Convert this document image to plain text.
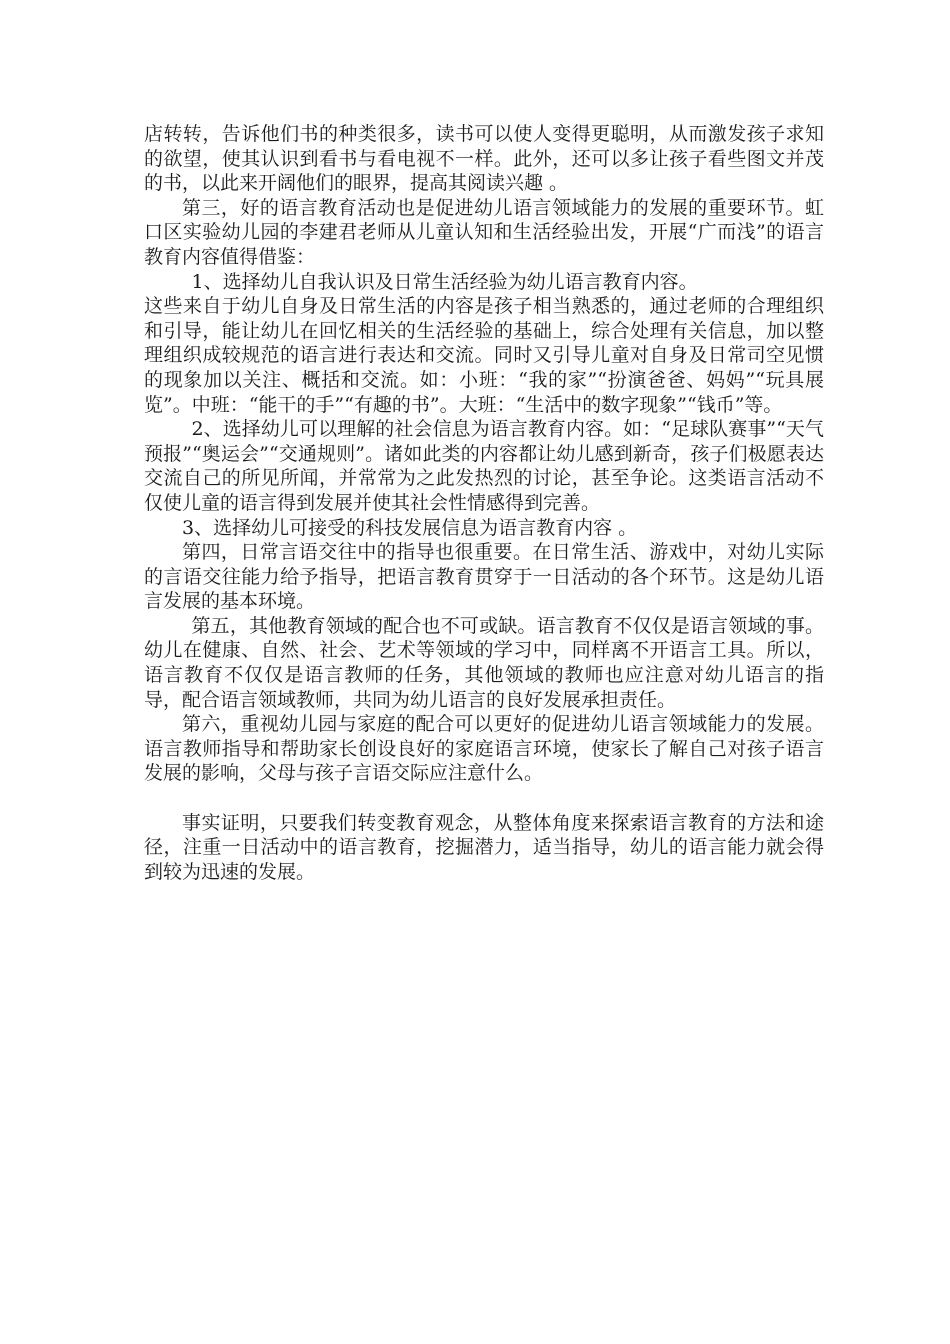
店转转，告诉他们书的种类很多，读书可以使人变得更聪明，从而激发孩子求知的欲望，使其认识到看书与看电视不一样。此外，还可以多让孩子看些图文并茂的书，以此来开阔他们的眼界，提高其阅读兴趣 。

第三，好的语言教育活动也是促进幼儿语言领域能力的发展的重要环节。虹口区实验幼儿园的李建君老师从儿童认知和生活经验出发，开展“广而浅”的语言教育内容值得借鉴：

1、选择幼儿自我认识及日常生活经验为幼儿语言教育内容。

这些来自于幼儿自身及日常生活的内容是孩子相当熟悉的，通过老师的合理组织和引导，能让幼儿在回忆相关的生活经验的基础上，综合处理有关信息，加以整理组织成较规范的语言进行表达和交流。同时又引导儿童对自身及日常司空见惯的现象加以关注、概括和交流。如：小班：“我的家”“扮演爸爸、妈妈”“玩具展览”。中班：“能干的手”“有趣的书”。大班：“生活中的数字现象”“钱币”等。

2、选择幼儿可以理解的社会信息为语言教育内容。如：“足球队赛事”“天气预报”“奥运会”“交通规则”。诸如此类的内容都让幼儿感到新奇，孩子们极愿表达交流自己的所见所闻，并常常为之此发热烈的讨论，甚至争论。这类语言活动不仅使儿童的语言得到发展并使其社会性情感得到完善。

3、选择幼儿可接受的科技发展信息为语言教育内容 。

第四，日常言语交往中的指导也很重要。在日常生活、游戏中，对幼儿实际的言语交往能力给予指导，把语言教育贯穿于一日活动的各个环节。这是幼儿语言发展的基本环境。

第五，其他教育领域的配合也不可或缺。语言教育不仅仅是语言领域的事。幼儿在健康、自然、社会、艺术等领域的学习中，同样离不开语言工具。所以，语言教育不仅仅是语言教师的任务，其他领域的教师也应注意对幼儿语言的指导，配合语言领域教师，共同为幼儿语言的良好发展承担责任。

第六，重视幼儿园与家庭的配合可以更好的促进幼儿语言领域能力的发展。语言教师指导和帮助家长创设良好的家庭语言环境，使家长了解自己对孩子语言发展的影响，父母与孩子言语交际应注意什么。

事实证明，只要我们转变教育观念，从整体角度来探索语言教育的方法和途径，注重一日活动中的语言教育，挖掘潜力，适当指导，幼儿的语言能力就会得到较为迅速的发展。
